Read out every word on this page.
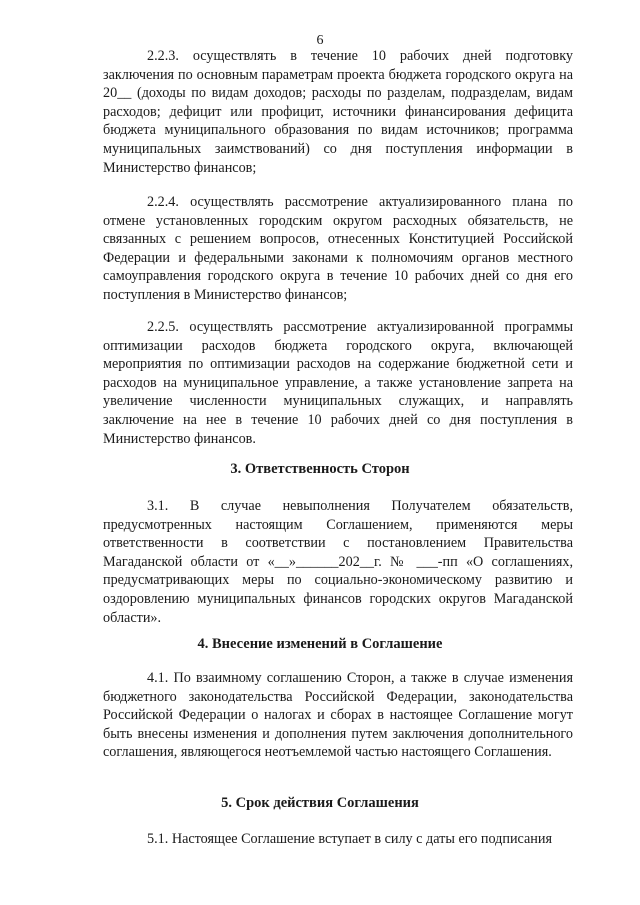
6

2.2.3. осуществлять в течение 10 рабочих дней подготовку заключения по основным параметрам проекта бюджета городского округа на 20__ (доходы по видам доходов; расходы по разделам, подразделам, видам расходов; дефицит или профицит, источники финансирования дефицита бюджета муниципального образования по видам источников; программа муниципальных заимствований) со дня поступления информации в Министерство финансов;

2.2.4. осуществлять рассмотрение актуализированного плана по отмене установленных городским округом расходных обязательств, не связанных с решением вопросов, отнесенных Конституцией Российской Федерации и федеральными законами к полномочиям органов местного самоуправления городского округа в течение 10 рабочих дней со дня его поступления в Министерство финансов;

2.2.5. осуществлять рассмотрение актуализированной программы оптимизации расходов бюджета городского округа, включающей мероприятия по оптимизации расходов на содержание бюджетной сети и расходов на муниципальное управление, а также установление запрета на увеличение численности муниципальных служащих, и направлять заключение на нее в течение 10 рабочих дней со дня поступления в Министерство финансов.

3. Ответственность Сторон

3.1. В случае невыполнения Получателем обязательств, предусмотренных настоящим Соглашением, применяются меры ответственности в соответствии с постановлением Правительства Магаданской области от «__»______202__г. № ___-пп «О соглашениях, предусматривающих меры по социально-экономическому развитию и оздоровлению муниципальных финансов городских округов Магаданской области».

4. Внесение изменений в Соглашение

4.1. По взаимному соглашению Сторон, а также в случае изменения бюджетного законодательства Российской Федерации, законодательства Российской Федерации о налогах и сборах в настоящее Соглашение могут быть внесены изменения и дополнения путем заключения дополнительного соглашения, являющегося неотъемлемой частью настоящего Соглашения.

5. Срок действия Соглашения

5.1. Настоящее Соглашение вступает в силу с даты его подписания
